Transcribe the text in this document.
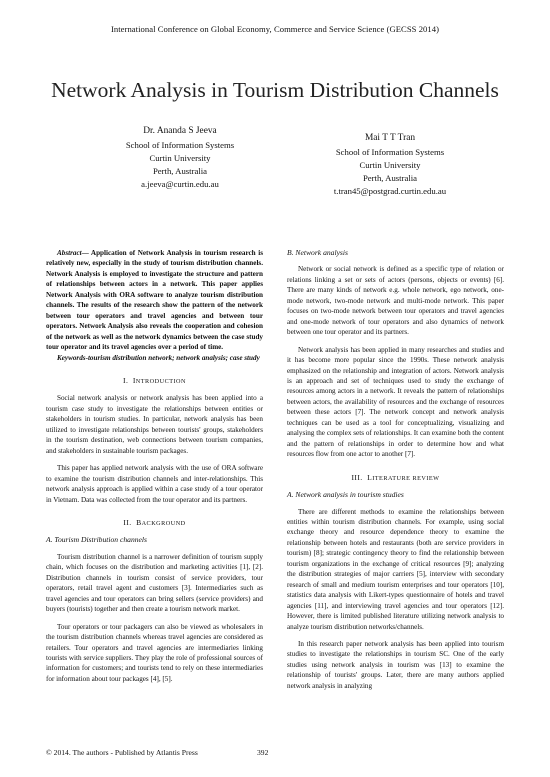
International Conference on Global Economy, Commerce and Service Science (GECSS 2014)
Network Analysis in Tourism Distribution Channels
Dr. Ananda S Jeeva
School of Information Systems
Curtin University
Perth, Australia
a.jeeva@curtin.edu.au
Mai T T Tran
School of Information Systems
Curtin University
Perth, Australia
t.tran45@postgrad.curtin.edu.au

Abstract— Application of Network Analysis in tourism research is relatively new, especially in the study of tourism distribution channels. Network Analysis is employed to investigate the structure and pattern of relationships between actors in a network. This paper applies Network Analysis with ORA software to analyze tourism distribution channels. The results of the research show the pattern of the network between tour operators and travel agencies and between tour operators. Network Analysis also reveals the cooperation and cohesion of the network as well as the network dynamics between the case study tour operator and its travel agencies over a period of time.

Keywords-tourism distribution network; network analysis; case study

I. INTRODUCTION

Social network analysis or network analysis has been applied into a tourism case study to investigate the relationships between entities or stakeholders in tourism studies. In particular, network analysis has been utilized to investigate relationships between tourists' groups, stakeholders in the tourism destination, web connections between tourism companies, and stakeholders in sustainable tourism packages.

This paper has applied network analysis with the use of ORA software to examine the tourism distribution channels and inter-relationships. This network analysis approach is applied within a case study of a tour operator in Vietnam. Data was collected from the tour operator and its partners.

II. BACKGROUND
A. Tourism Distribution channels

Tourism distribution channel is a narrower definition of tourism supply chain, which focuses on the distribution and marketing activities [1], [2]. Distribution channels in tourism consist of service providers, tour operators, retail travel agent and customers [3]. Intermediaries such as travel agencies and tour operators can bring sellers (service providers) and buyers (tourists) together and then create a tourism network market.

Tour operators or tour packagers can also be viewed as wholesalers in the tourism distribution channels whereas travel agencies are considered as retailers. Tour operators and travel agencies are intermediaries linking tourists with service suppliers. They play the role of professional sources of information for customers; and tourists tend to rely on these intermediaries for information about tour packages [4], [5].

B. Network analysis

Network or social network is defined as a specific type of relation or relations linking a set or sets of actors (persons, objects or events) [6]. There are many kinds of network e.g. whole network, ego network, one-mode network, two-mode network and multi-mode network. This paper focuses on two-mode network between tour operators and travel agencies and one-mode network of tour operators and also dynamics of network between one tour operator and its partners.

Network analysis has been applied in many researches and studies and it has become more popular since the 1990s. These network analysis emphasized on the relationship and integration of actors. Network analysis is an approach and set of techniques used to study the exchange of resources among actors in a network. It reveals the pattern of relationships between actors, the availability of resources and the exchange of resources between these actors [7]. The network concept and network analysis techniques can be used as a tool for conceptualizing, visualizing and analysing the complex sets of relationships. It can examine both the content and the pattern of relationships in order to determine how and what resources flow from one actor to another [7].

III. LITERATURE REVIEW
A. Network analysis in tourism studies

There are different methods to examine the relationships between entities within tourism distribution channels. For example, using social exchange theory and resource dependence theory to examine the relationship between hotels and restaurants (both are service providers in tourism) [8]; strategic contingency theory to find the relationship between tourism organizations in the exchange of critical resources [9]; analyzing the distribution strategies of major carriers [5], interview with secondary research of small and medium tourism enterprises and tour operators [10], statistics data analysis with Likert-types questionnaire of hotels and travel agencies [11], and interviewing travel agencies and tour operators [12]. However, there is limited published literature utilizing network analysis to analyze tourism distribution networks/channels.

In this research paper network analysis has been applied into tourism studies to investigate the relationships in tourism SC. One of the early studies using network analysis in tourism was [13] to examine the relationship of tourists' groups. Later, there are many authors applied network analysis in analyzing

© 2014. The authors - Published by Atlantis Press	392
